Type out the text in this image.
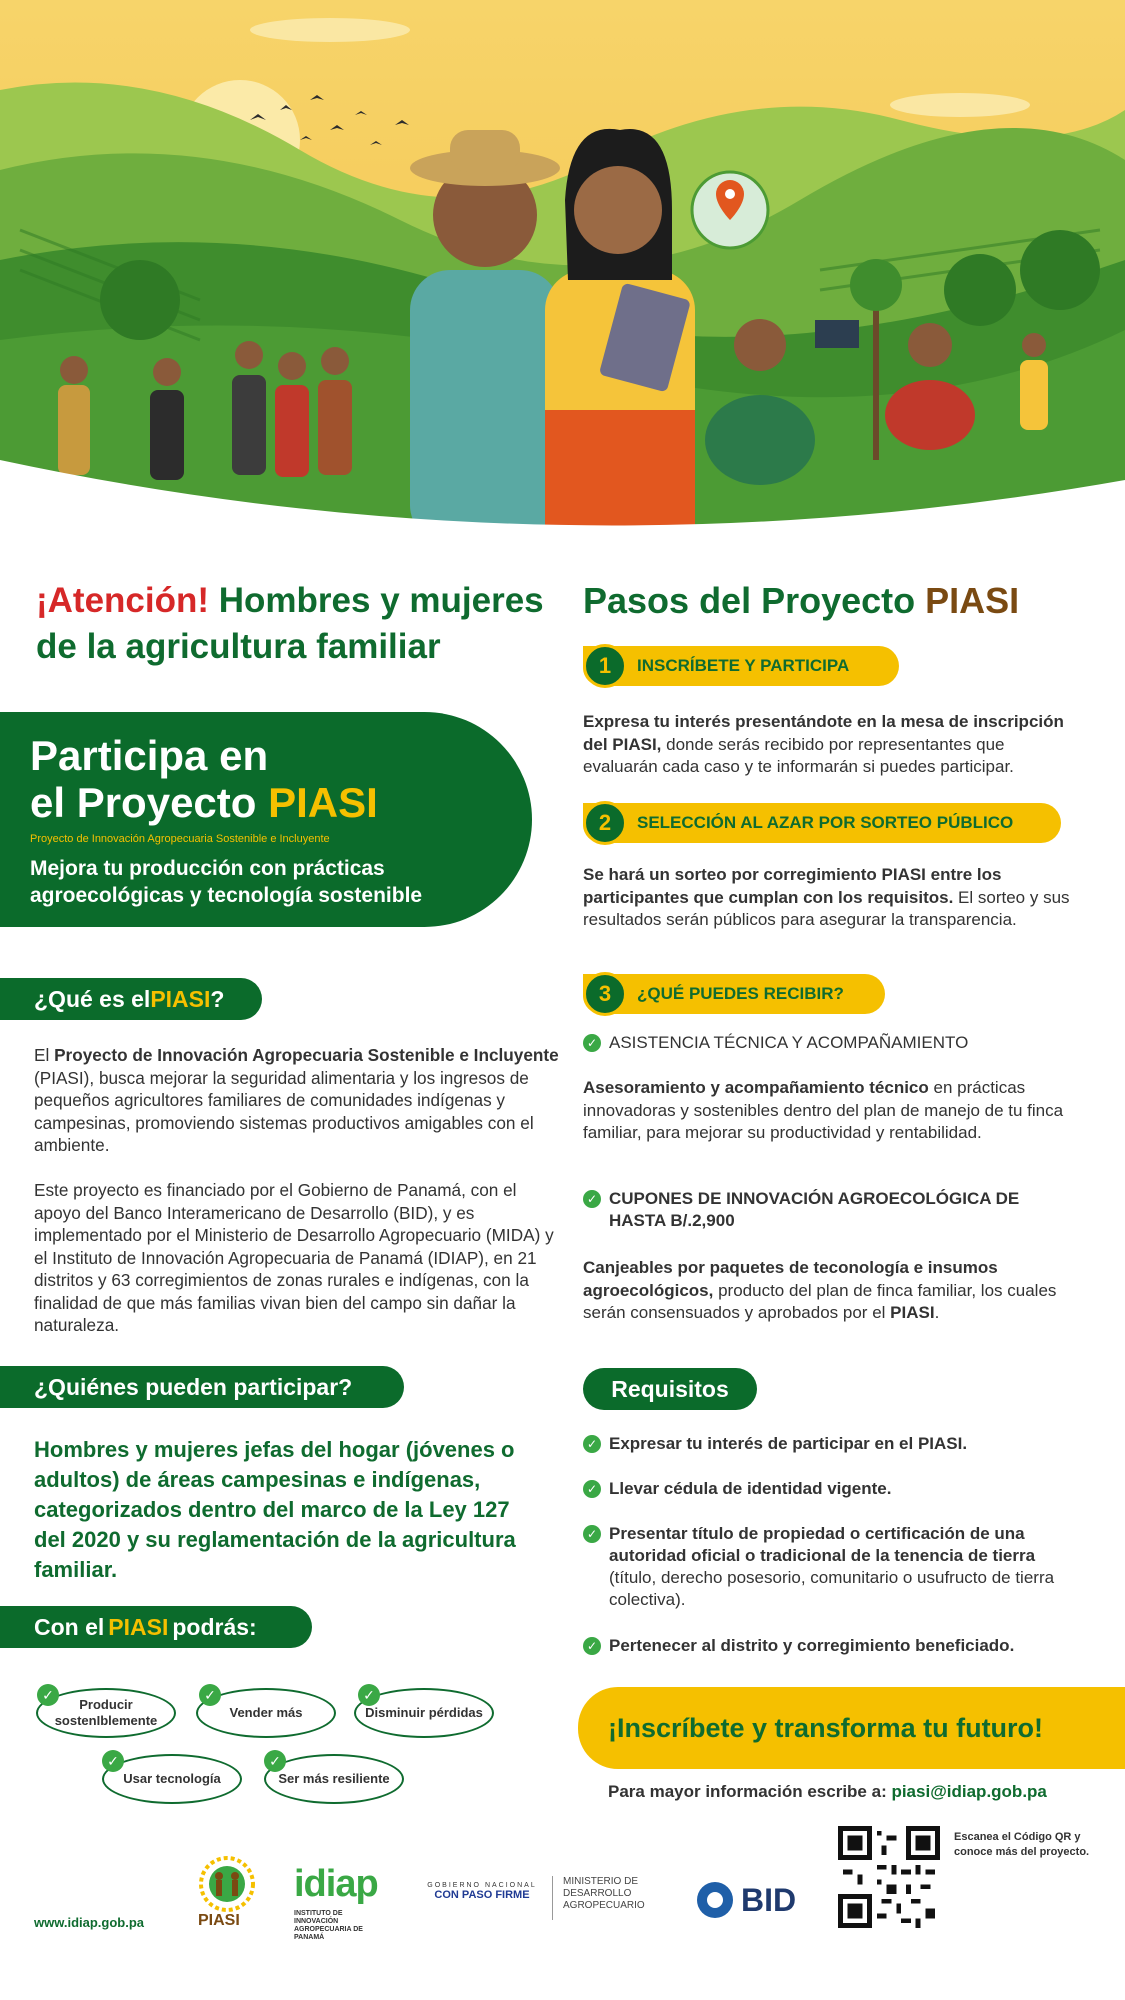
¡Atención! Hombres y mujeres de la agricultura familiar
Participa en
el Proyecto PIASI
Proyecto de Innovación Agropecuaria Sostenible e Incluyente
Mejora tu producción con prácticas agroecológicas y tecnología sostenible
¿Qué es el PIASI ?
El Proyecto de Innovación Agropecuaria Sostenible e Incluyente (PIASI), busca mejorar la seguridad alimentaria y los ingresos de pequeños agricultores familiares de comunidades indígenas y campesinas, promoviendo sistemas productivos amigables con el ambiente.
Este proyecto es financiado por el Gobierno de Panamá, con el apoyo del Banco Interamericano de Desarrollo (BID), y es implementado por el Ministerio de Desarrollo Agropecuario (MIDA) y el Instituto de Innovación Agropecuaria de Panamá (IDIAP), en 21 distritos y 63 corregimientos de zonas rurales e indígenas, con la finalidad de que más familias vivan bien del campo sin dañar la naturaleza.
¿Quiénes pueden participar?
Hombres y mujeres jefas del hogar (jóvenes o adultos) de áreas campesinas e indígenas, categorizados dentro del marco de la Ley 127 del 2020 y su reglamentación de la agricultura familiar.
Con el PIASI podrás:
Producir sostenIblemente
✓
Vender más
✓
Disminuir pérdidas
✓
Usar tecnología
✓
Ser más resiliente
✓
Pasos del Proyecto PIASI
1	INSCRÍBETE Y PARTICIPA
Expresa tu interés presentándote en la mesa de inscripción del PIASI, donde serás recibido por representantes que evaluarán cada caso y te informarán si puedes participar.
2	SELECCIÓN AL AZAR POR SORTEO PÚBLICO
Se hará un sorteo por corregimiento PIASI entre los participantes que cumplan con los requisitos. El sorteo y sus resultados serán públicos para asegurar la transparencia.
3	¿QUÉ PUEDES RECIBIR?
✓ ASISTENCIA TÉCNICA Y ACOMPAÑAMIENTO
Asesoramiento y acompañamiento técnico en prácticas innovadoras y sostenibles dentro del plan de manejo de tu finca familiar, para mejorar su productividad y rentabilidad.
✓ CUPONES DE INNOVACIÓN AGROECOLÓGICA DE HASTA B/.2,900
Canjeables por paquetes de teconología e insumos agroecológicos, producto del plan de finca familiar, los cuales serán consensuados y aprobados por el PIASI.
Requisitos
✓ Expresar tu interés de participar en el PIASI.
✓ Llevar cédula de identidad vigente.
✓ Presentar título de propiedad o certificación de una autoridad oficial o tradicional de la tenencia de tierra (título, derecho posesorio, comunitario o usufructo de tierra colectiva).
✓ Pertenecer al distrito y corregimiento beneficiado.
¡Inscríbete y transforma tu futuro!
Para mayor información escribe a: piasi@idiap.gob.pa
www.idiap.gob.pa	PIASI
idiap
INSTITUTO DE INNOVACIÓN AGROPECUARIA DE PANAMÁ
GOBIERNO NACIONAL
CON PASO FIRME
MINISTERIO DE DESARROLLO AGROPECUARIO	BID
Escanea el Código QR y conoce más del proyecto.
